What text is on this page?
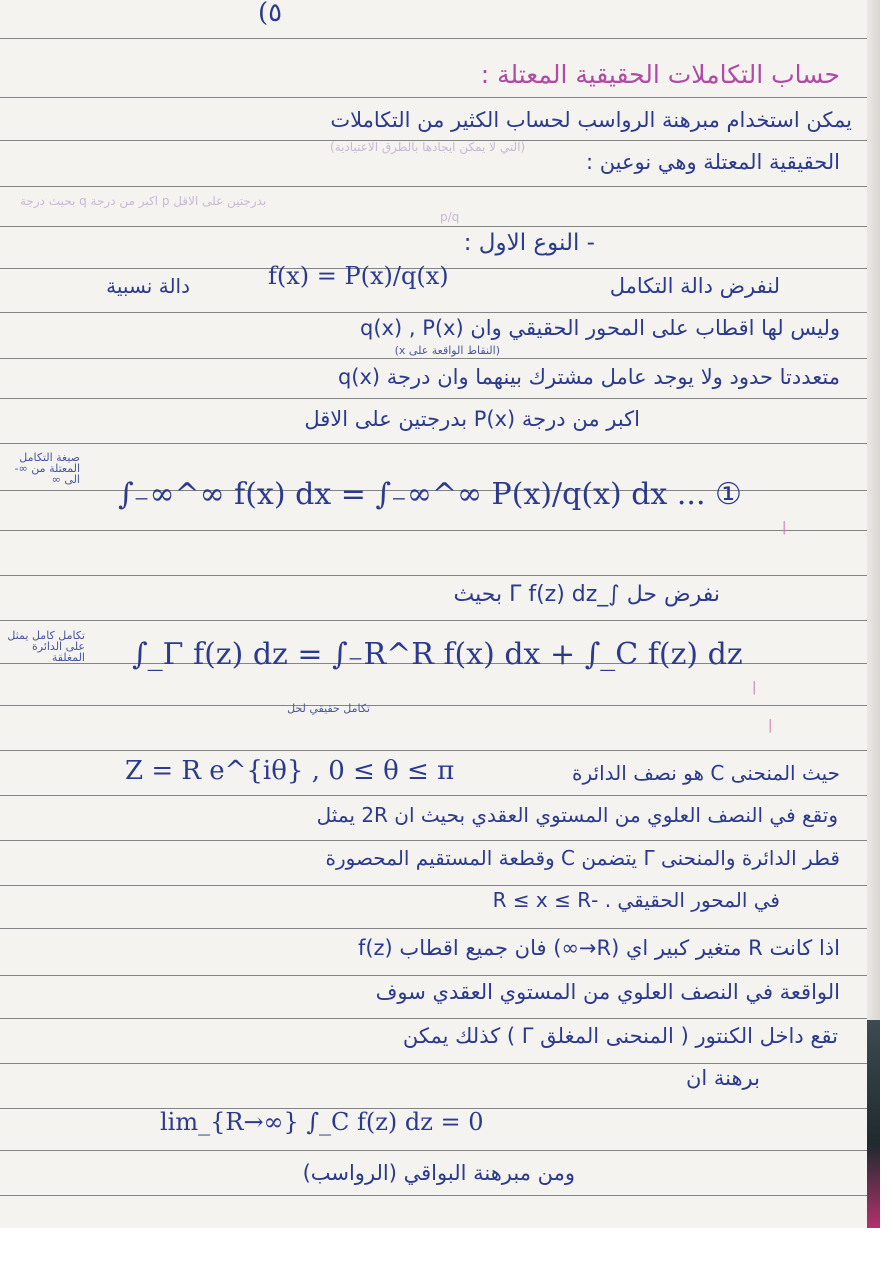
(٥
حساب التكاملات الحقيقية المعتلة :
يمكن استخدام مبرهنة الرواسب لحساب الكثير من التكاملات
الحقيقية المعتلة وهي نوعين :
(التي لا يمكن ايجادها بالطرق الاعتيادية)
بحيث درجة q اكبر من درجة p بدرجتين على الاقل
p/q
- النوع الاول :
لنفرض دالة التكامل
f(x) = P(x)/q(x)
دالة نسبية
وليس لها اقطاب على المحور الحقيقي وان q(x) , P(x)
(النقاط الواقعة على x)
متعددتا حدود ولا يوجد عامل مشترك بينهما وان درجة q(x)
اكبر من درجة P(x) بدرجتين على الاقل
صيغة التكامل المعتلة من ∞- الى ∞ ∫₋∞^∞ f(x) dx = ∫₋∞^∞ P(x)/q(x) dx ... ①
نفرض حل ∫_Γ f(z) dz بحيث
تكامل كامل يمثل على الدائرة المغلقة ∫_Γ f(z) dz = ∫₋R^R f(x) dx + ∫_C f(z) dz
تكامل حقيقي لحل
Z = R e^{iθ} , 0 ≤ θ ≤ π	حيث المنحنى C هو نصف الدائرة
وتقع في النصف العلوي من المستوي العقدي بحيث ان 2R يمثل
قطر الدائرة والمنحنى Γ يتضمن C وقطعة المستقيم المحصورة
في المحور الحقيقي . -R ≤ x ≤ R
اذا كانت R متغير كبير اي (R→∞) فان جميع اقطاب f(z)
الواقعة في النصف العلوي من المستوي العقدي سوف
تقع داخل الكنتور ( المنحنى المغلق Γ ) كذلك يمكن
برهنة ان
lim_{R→∞} ∫_C f(z) dz = 0
ومن مبرهنة البواقي (الرواسب)
|
|
|
